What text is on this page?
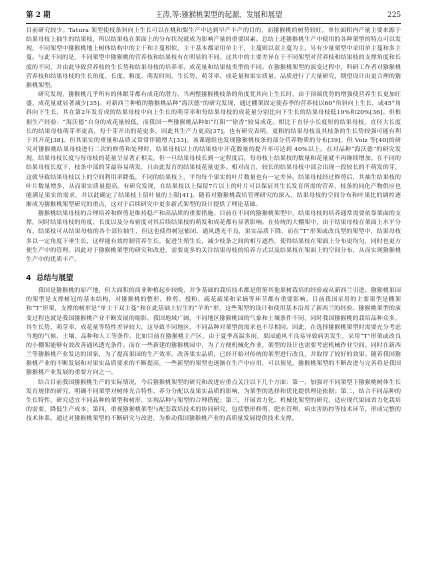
第 2 期	王涛,等:猕猴桃架型的起源、发展和展望	225

目前研究较少。Tatura 架型使枝条斜向上生长可以在桃和梨生产中达到早产丰产的目的，而猕猴桃的树势较旺，单位面积内产量主要来源于结果母枝上抽生的结果枝，所以结果枝在架面上的分布状况就成为影响产量的重要因素。总结上述猕猴桃生产中使用的各种架型的特点可以发现，不同架型中猕猴桃地上树体结构中的主干和主蔓相似，主干基本都采用单主干，主蔓则以双主蔓为主，另有少量架型中采用单主蔓和多主蔓。与此不同的是，不同架型中猕猴桃的营养枝和结果枝有在明显的不同。这其中的主要差异在于不同架型对营养枝和结果枝的支撑角度和长度的不同，并由此导致营养枝的生长势和结果母枝的培养率、成花量和结果枝类型的不同。在猕猴桃架型的演变过程中，科研工作者对猕猴桃营养枝和结果母枝的生长角度、长度、粗度、萌发时间、生长势、萌芽率、成花量和果实质量、品质进行了大量研究，期望设计出更合理的猕猴桃架型。

研究发现，猕猴桃几乎所有的休眠芽都有成花的潜力。当两整猕猴桃枝条的角度优其向上生长时，由于顶端优势的增强使营养生长更加旺盛，成花量就显著减少[35]。对新西兰种植的猕猴桃品种“海沃德”的研究发现，通过棚架固定使春季的营养枝以60°角斜向上生长，或45°角斜向下生长，其在第2年发育成的结果母枝中向上生长的萌芽率和每结果母枝的成花量分别比向下生长的结果母枝低19%和20%[36]。但根据生产经验：“海沃德”自身的成花量较低，而我国一些猕猴桃品种如“红阳”“徐香”较易成花。相比于直径小长度短的结果母枝，直径大长度长的结果母枝萌芽率更高，每个芽开出的花更多，因此其生产力更高[37]。也有研究表明，更粗的结果母枝及其枝条的生长势较强可能有利于其开花[38]。但其果实的重量和品质又常常伴随增大[33]。该课题组也发现猕猴桃枝条的部分营养物质的分布[39]。但 Volz 等[40]的研究对猕猴桃结果母枝进行二次的修剪和处理时，结果母枝以上的结果枝中开花数量的提升率可达到 40%以上。在对品种“海沃德”的研究发现，结果母枝长度与每母枝的花量呈显著正相关，但一旦结果母枝长到一定程度后，每母枝上结果枝的数量和花量就不再继续增加。在不同的结果母枝长度下，枝条中部的芽最容易萌发，且由此发育的结果枝花量更多。相对而言，较长的结果母枝中部会出现一段较长的不萌发的芽，这就导致结果母枝以上的空间利用率降低。不同的结果枝上，平均每个果实的叶片数量也有一定差异。结果母枝经过修剪后，其抽生结果枝的叶片数量增多，从而果实质量提高。有研究发现，在结果枝以上保留7片以上的叶片可以保证其生长发育所需的营养，枝条的同化产物供应也能满足果实的需求，并以此确定了结果枝上留叶量的上限[41]。随着对猕猴桃栽培管理研究的深入，结果母枝的空间分布和叶果比的调控逐渐成为猕猴桃架型研究的重点，这对于后续研究中更多新式架型的设计提供了理论基础。

猕猴桃结果母枝的合理培养和修剪是维持稳产和高品质的重要措施。目前在不同的猕猴桃架型中，结果母枝的培养通常需要依靠架面的支撑，同时结果母枝的角度、长度以及分布密度对其后续结果枝的萌发和成花都有显著影响。在传统的大棚架中，由于结果母枝在架面上水平分布，结果枝可从结果母枝的各个部位抽生，但这也使得树冠郁闭、通风透光不良，果实品质下降。而在“T”形架或改良型的架型中，结果母枝多以一定角度下垂生长，这样能有效控制营养生长，促进生殖生长，减少枝条之间的相互遮挡，使得结果枝在架面上分布更均匀，同时也更方便生产中的管理。因此对于猕猴桃架型的研究和改进，需要更多的关注结果母枝的培养方式以及结果枝在架面上的空间分布，从而实现猕猴桃生产中的优质丰产。

4 总结与展望

我国是猕猴桃的原产地，但大面积的商业种植起步较晚，并争基础的栽培技术都是借鉴其他果树栽培的经验或从新西兰引进。猕猴桃果园的架型是支撑树冠的基本结构，对猕猴桃的整形、修剪、授粉、疏花疏果和采摘等环节都有重要影响。目前我国采用的主要架型是棚架和“T”形架，支撑的树形是“单主干双主蔓”和在此基础上衍生的“羊角”形，这些架型的设计和使用基本沿用了新西兰的经验。猕猴桃架型的演变过程也就是我国猕猴桃产业不断发展的缩影。我国地域广阔，不同地区猕猴桃园的气象和土壤条件不同，同时我国猕猴桃的栽培品种众多，其生长势、萌芽率、成花量等特性差异较大，这导致不同地区、不同品种对架型的需求也不尽相同。因此，在选择猕猴桃架型时需要充分考虑当地的气候、土壤、品种和人工等条件。比如目前在猕猴桃主产区，由于夏季高温多雨，果园通风不良易导致病害发生，采用“T”形架或改良的小棚架能够有效改善通风透光条件。而在一些新建的猕猴桃园中，为了方便机械化作业，架型的设计也需要考虑机械作业空间。同时在新西兰等猕猴桃产业发达的国家，为了提高果园的生产效率，改善果实品质，已经开始对传统的架型进行改良，并取得了较好的效果。随着我国猕猴桃产业的不断发展和对果实品质要求的不断提高，一些新型的架型也逐渐在生产中应用，可以预见，猕猴桃架型的不断改进与完善将是我国猕猴桃产业发展的重要方向之一。

结合目前我国猕猴桃生产的实际情况，今后猕猴桃架型的研究和改进应重点关注以下几个方面：第一，加强对不同架型下猕猴桃树体生长发育规律的研究，明确不同架型对树体光合特性、养分分配以及果实品质的影响，为架型的选择和优化提供理论依据；第二，结合不同品种的生长特性，研究适宜不同品种的架型和树形，实现品种与架型的合理搭配；第三，开展省力化、机械化架型的研究，适应现代果园省力化栽培的需要，降低生产成本；第四，重视猕猴桃架型与配套栽培技术的协同研究，包括整形修剪、肥水管理、病虫害防控等技术环节，形成完整的技术体系。通过对猕猴桃架型的不断研究与改进，为推动我国猕猴桃产业的高质量发展提供技术支撑。
